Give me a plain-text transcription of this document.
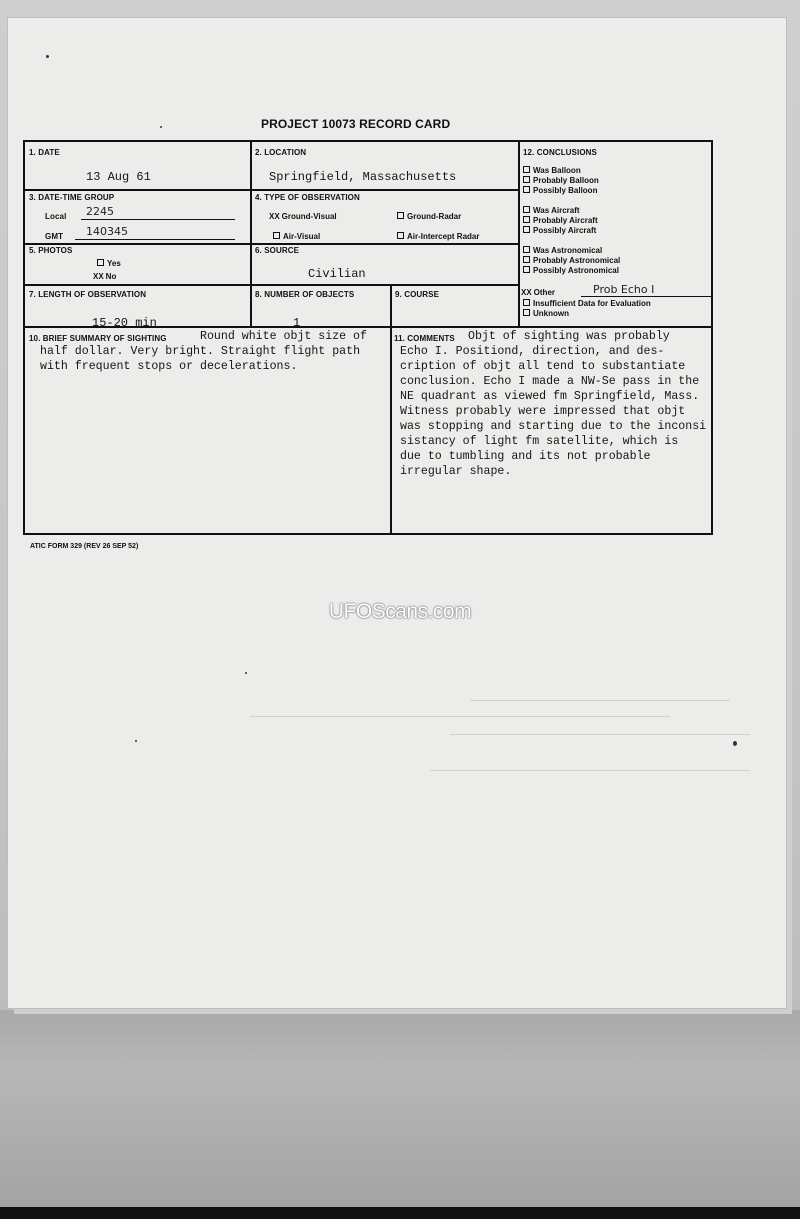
PROJECT 10073 RECORD CARD
1. DATE
13 Aug 61
2. LOCATION
Springfield, Massachusetts
3. DATE-TIME GROUP
Local 2245
GMT 140345
4. TYPE OF OBSERVATION
XX Ground-Visual	Ground-Radar
Air-Visual	Air-Intercept Radar
5. PHOTOS
Yes
XX No
6. SOURCE
Civilian
7. LENGTH OF OBSERVATION
15-20 min
8. NUMBER OF OBJECTS
1
9. COURSE
10. BRIEF SUMMARY OF SIGHTING	Round white objt size of
half dollar. Very bright. Straight flight path
with frequent stops or decelerations.
11. COMMENTS Objt of sighting was probably
Echo I. Positiond, direction, and des-
cription of objt all tend to substantiate
conclusion. Echo I made a NW-Se pass in the
NE quadrant as viewed fm Springfield, Mass.
Witness probably were impressed that objt
was stopping and starting due to the inconsi
sistancy of light fm satellite, which is
due to tumbling and its not probable
irregular shape.
12. CONCLUSIONS
Was Balloon
Probably Balloon
Possibly Balloon
Was Aircraft
Probably Aircraft
Possibly Aircraft
Was Astronomical
Probably Astronomical
Possibly Astronomical
XX Other	Prob Echo I
Insufficient Data for Evaluation
Unknown
ATIC FORM 329 (REV 26 SEP 52)
UFOScans.com
